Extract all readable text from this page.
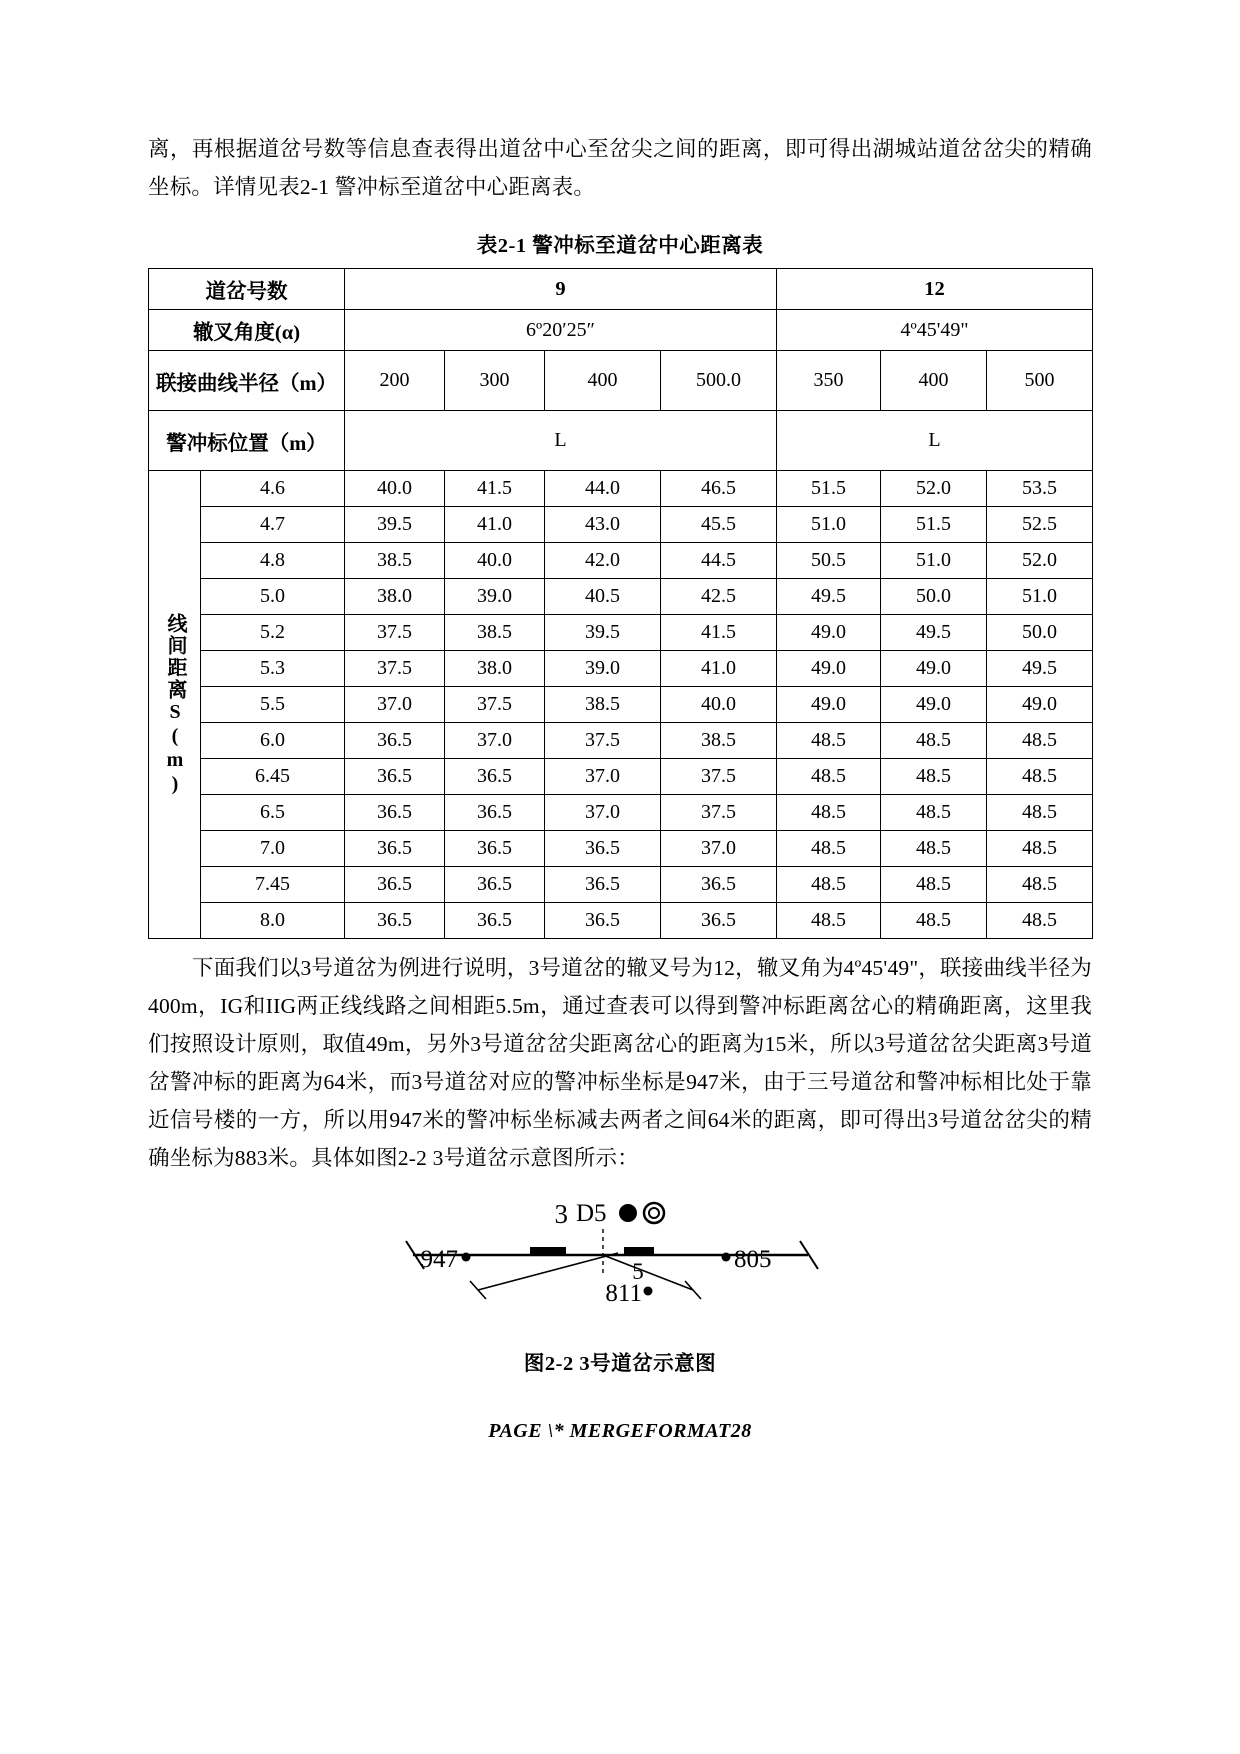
离，再根据道岔号数等信息查表得出道岔中心至岔尖之间的距离，即可得出湖城站道岔岔尖的精确坐标。详情见表2-1 警冲标至道岔中心距离表。

表2-1 警冲标至道岔中心距离表
道岔号数		9				12		
辙叉角度(α)		6º20′25″				4º45'49"		
联接曲线半径（m）		200	300	400	500.0	350	400	500
警冲标位置（m）		L				L		

线间距离S(m)	4.6	40.0	41.5	44.0	46.5	51.5	52.0	53.5
	4.7	39.5	41.0	43.0	45.5	51.0	51.5	52.5
	4.8	38.5	40.0	42.0	44.5	50.5	51.0	52.0
	5.0	38.0	39.0	40.5	42.5	49.5	50.0	51.0
	5.2	37.5	38.5	39.5	41.5	49.0	49.5	50.0
	5.3	37.5	38.0	39.0	41.0	49.0	49.0	49.5
	5.5	37.0	37.5	38.5	40.0	49.0	49.0	49.0
	6.0	36.5	37.0	37.5	38.5	48.5	48.5	48.5
	6.45	36.5	36.5	37.0	37.5	48.5	48.5	48.5
	6.5	36.5	36.5	37.0	37.5	48.5	48.5	48.5
	7.0	36.5	36.5	36.5	37.0	48.5	48.5	48.5
	7.45	36.5	36.5	36.5	36.5	48.5	48.5	48.5
	8.0	36.5	36.5	36.5	36.5	48.5	48.5	48.5

下面我们以3号道岔为例进行说明，3号道岔的辙叉号为12，辙叉角为4º45'49"，联接曲线半径为400m，IG和IIG两正线线路之间相距5.5m，通过查表可以得到警冲标距离岔心的精确距离，这里我们按照设计原则，取值49m，另外3号道岔岔尖距离岔心的距离为15米，所以3号道岔岔尖距离3号道岔警冲标的距离为64米，而3号道岔对应的警冲标坐标是947米，由于三号道岔和警冲标相比处于靠近信号楼的一方，所以用947米的警冲标坐标减去两者之间64米的距离，即可得出3号道岔岔尖的精确坐标为883米。具体如图2-2 3号道岔示意图所示：

3 D5
947	805
5
811
图2-2 3号道岔示意图
PAGE \* MERGEFORMAT28
